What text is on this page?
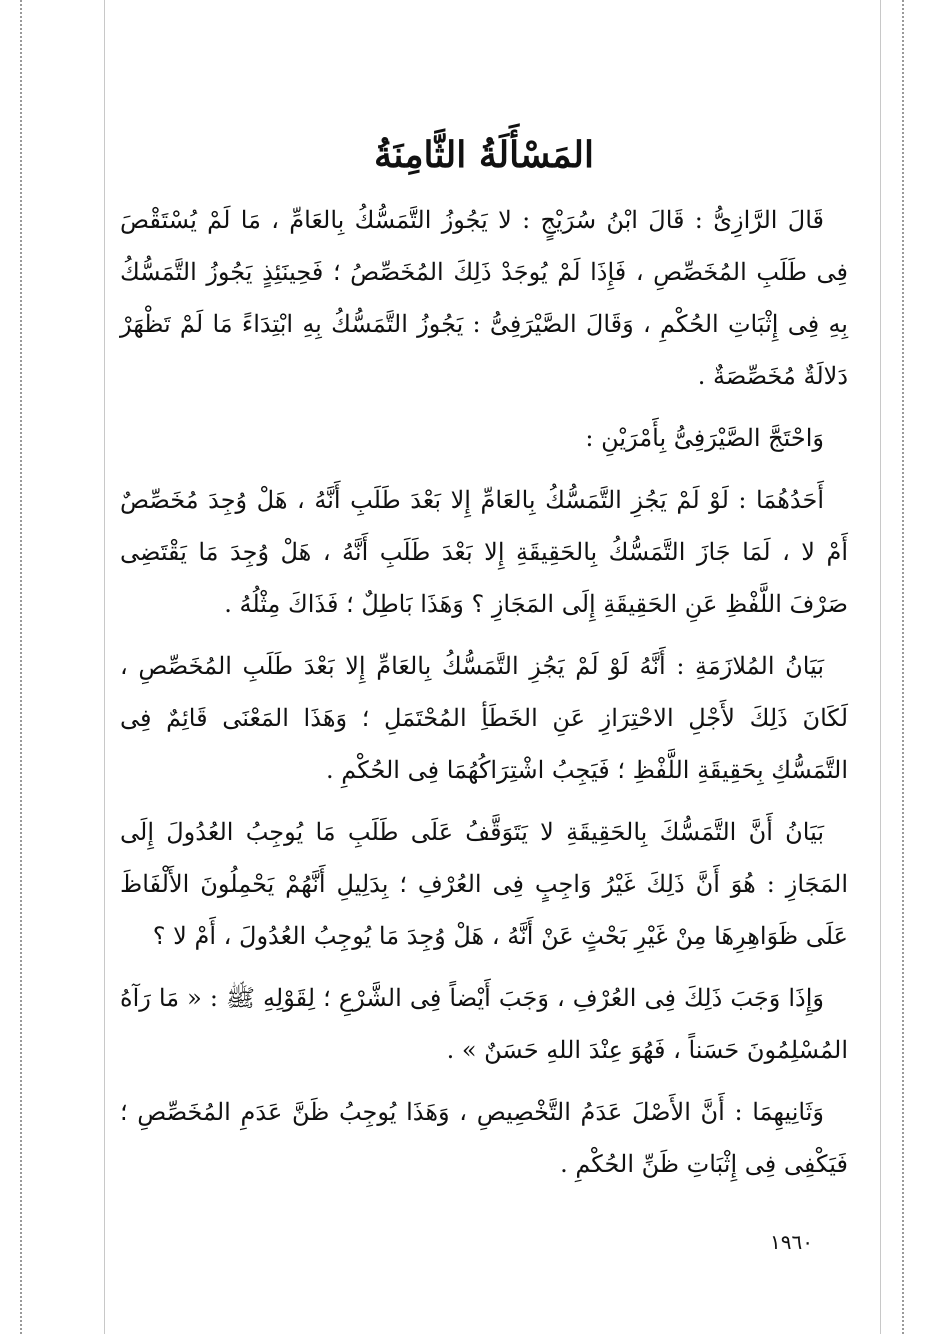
المَسْأَلَةُ الثَّامِنَةُ

قَالَ الرَّازِىُّ : قَالَ ابْنُ سُرَيْجٍ : لا يَجُوزُ التَّمَسُّكُ بِالعَامِّ ، مَا لَمْ يُسْتَقْصَ فِى طَلَبِ المُخَصِّصِ ، فَإِذَا لَمْ يُوجَدْ ذَلِكَ المُخَصِّصُ ؛ فَحِينَئِذٍ يَجُوزُ التَّمَسُّكُ بِهِ فِى إِثْبَاتِ الحُكْمِ ، وَقَالَ الصَّيْرَفِىُّ : يَجُوزُ التَّمَسُّكُ بِهِ ابْتِدَاءً مَا لَمْ تَظْهَرْ دَلالَةٌ مُخَصِّصَةٌ .

وَاحْتَجَّ الصَّيْرَفِىُّ بِأَمْرَيْنِ :

أَحَدُهُمَا : لَوْ لَمْ يَجُزِ التَّمَسُّكُ بِالعَامِّ إِلا بَعْدَ طَلَبِ أَنَّهُ ، هَلْ وُجِدَ مُخَصِّصٌ أَمْ لا ، لَمَا جَازَ التَّمَسُّكُ بِالحَقِيقَةِ إِلا بَعْدَ طَلَبِ أَنَّهُ ، هَلْ وُجِدَ مَا يَقْتَضِى صَرْفَ اللَّفْظِ عَنِ الحَقِيقَةِ إِلَى المَجَازِ ؟ وَهَذَا بَاطِلٌ ؛ فَذَاكَ مِثْلُهُ .

بَيَانُ المُلازَمَةِ : أَنَّهُ لَوْ لَمْ يَجُزِ التَّمَسُّكُ بِالعَامِّ إِلا بَعْدَ طَلَبِ المُخَصِّصِ ، لَكَانَ ذَلِكَ لأَجْلِ الاحْتِرَازِ عَنِ الخَطَأِ المُحْتَمَلِ ؛ وَهَذَا المَعْنَى قَائِمٌ فِى التَّمَسُّكِ بِحَقِيقَةِ اللَّفْظِ ؛ فَيَجِبُ اشْتِرَاكُهُمَا فِى الحُكْمِ .

بَيَانُ أَنَّ التَّمَسُّكَ بِالحَقِيقَةِ لا يَتَوَقَّفُ عَلَى طَلَبِ مَا يُوجِبُ العُدُولَ إِلَى المَجَازِ : هُوَ أَنَّ ذَلِكَ غَيْرُ وَاجِبٍ فِى العُرْفِ ؛ بِدَلِيلِ أَنَّهُمْ يَحْمِلُونَ الأَلْفَاظَ عَلَى ظَوَاهِرِهَا مِنْ غَيْرِ بَحْثٍ عَنْ أَنَّهُ ، هَلْ وُجِدَ مَا يُوجِبُ العُدُولَ ، أَمْ لا ؟

وَإِذَا وَجَبَ ذَلِكَ فِى العُرْفِ ، وَجَبَ أَيْضاً فِى الشَّرْعِ ؛ لِقَوْلِهِ ﷺ : « مَا رَآهُ المُسْلِمُونَ حَسَناً ، فَهُوَ عِنْدَ اللهِ حَسَنٌ » .

وَثَانِيهِمَا : أَنَّ الأَصْلَ عَدَمُ التَّخْصِيصِ ، وَهَذَا يُوجِبُ ظَنَّ عَدَمِ المُخَصِّصِ ؛ فَيَكْفِى فِى إِثْبَاتِ ظَنِّ الحُكْمِ .

١٩٦٠
